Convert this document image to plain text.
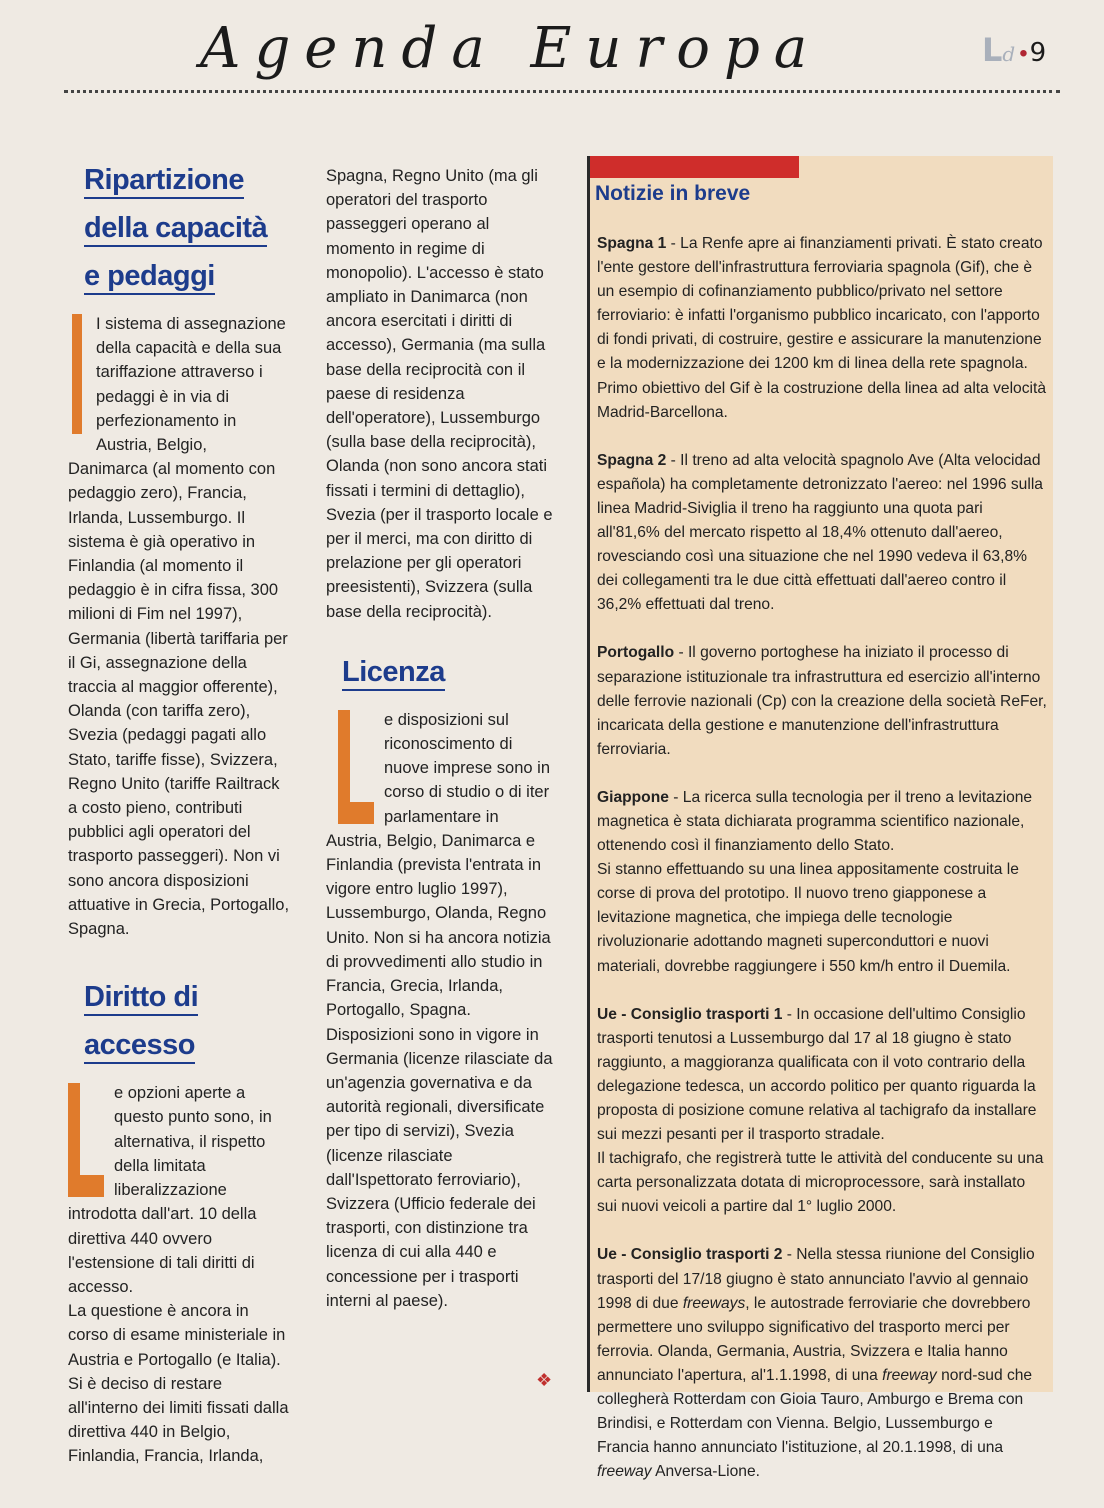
Agenda Europa	Ld •9
Ripartizione
della capacità
e pedaggi

I sistema di assegnazione della capacità e della sua tariffazione attraverso i pedaggi è in via di perfezionamento in Austria, Belgio, Danimarca (al momento con pedaggio zero), Francia, Irlanda, Lussemburgo. Il sistema è già operativo in Finlandia (al momento il pedaggio è in cifra fissa, 300 milioni di Fim nel 1997), Germania (libertà tariffaria per il Gi, assegnazione della traccia al maggior offerente), Olanda (con tariffa zero), Svezia (pedaggi pagati allo Stato, tariffe fisse), Svizzera, Regno Unito (tariffe Railtrack a costo pieno, contributi pubblici agli operatori del trasporto passeggeri). Non vi sono ancora disposizioni attuative in Grecia, Portogallo, Spagna.

Diritto di accesso

e opzioni aperte a questo punto sono, in alternativa, il rispetto della limitata liberalizzazione introdotta dall'art. 10 della direttiva 440 ovvero l'estensione di tali diritti di accesso.

La questione è ancora in corso di esame ministeriale in Austria e Portogallo (e Italia). Si è deciso di restare all'interno dei limiti fissati dalla direttiva 440 in Belgio, Finlandia, Francia, Irlanda,

Spagna, Regno Unito (ma gli operatori del trasporto passeggeri operano al momento in regime di monopolio). L'accesso è stato ampliato in Danimarca (non ancora esercitati i diritti di accesso), Germania (ma sulla base della reciprocità con il paese di residenza dell'operatore), Lussemburgo (sulla base della reciprocità), Olanda (non sono ancora stati fissati i termini di dettaglio), Svezia (per il trasporto locale e per il merci, ma con diritto di prelazione per gli operatori preesistenti), Svizzera (sulla base della reciprocità).

Licenza

e disposizioni sul riconoscimento di nuove imprese sono in corso di studio o di iter parlamentare in Austria, Belgio, Danimarca e Finlandia (prevista l'entrata in vigore entro luglio 1997), Lussemburgo, Olanda, Regno Unito. Non si ha ancora notizia di provvedimenti allo studio in Francia, Grecia, Irlanda, Portogallo, Spagna.

Disposizioni sono in vigore in Germania (licenze rilasciate da un'agenzia governativa e da autorità regionali, diversificate per tipo di servizi), Svezia (licenze rilasciate dall'Ispettorato ferroviario), Svizzera (Ufficio federale dei trasporti, con distinzione tra licenza di cui alla 440 e concessione per i trasporti interni al paese).

❖
Notizie in breve

Spagna 1 - La Renfe apre ai finanziamenti privati. È stato creato l'ente gestore dell'infrastruttura ferroviaria spagnola (Gif), che è un esempio di cofinanziamento pubblico/privato nel settore ferroviario: è infatti l'organismo pubblico incaricato, con l'apporto di fondi privati, di costruire, gestire e assicurare la manutenzione e la modernizzazione dei 1200 km di linea della rete spagnola. Primo obiettivo del Gif è la costruzione della linea ad alta velocità Madrid-Barcellona.

Spagna 2 - Il treno ad alta velocità spagnolo Ave (Alta velocidad española) ha completamente detronizzato l'aereo: nel 1996 sulla linea Madrid-Siviglia il treno ha raggiunto una quota pari all'81,6% del mercato rispetto al 18,4% ottenuto dall'aereo, rovesciando così una situazione che nel 1990 vedeva il 63,8% dei collegamenti tra le due città effettuati dall'aereo contro il 36,2% effettuati dal treno.

Portogallo - Il governo portoghese ha iniziato il processo di separazione istituzionale tra infrastruttura ed esercizio all'interno delle ferrovie nazionali (Cp) con la creazione della società ReFer, incaricata della gestione e manutenzione dell'infrastruttura ferroviaria.

Giappone - La ricerca sulla tecnologia per il treno a levitazione magnetica è stata dichiarata programma scientifico nazionale, ottenendo così il finanziamento dello Stato.
Si stanno effettuando su una linea appositamente costruita le corse di prova del prototipo. Il nuovo treno giapponese a levitazione magnetica, che impiega delle tecnologie rivoluzionarie adottando magneti superconduttori e nuovi materiali, dovrebbe raggiungere i 550 km/h entro il Duemila.

Ue - Consiglio trasporti 1 - In occasione dell'ultimo Consiglio trasporti tenutosi a Lussemburgo dal 17 al 18 giugno è stato raggiunto, a maggioranza qualificata con il voto contrario della delegazione tedesca, un accordo politico per quanto riguarda la proposta di posizione comune relativa al tachigrafo da installare sui mezzi pesanti per il trasporto stradale.
Il tachigrafo, che registrerà tutte le attività del conducente su una carta personalizzata dotata di microprocessore, sarà installato sui nuovi veicoli a partire dal 1° luglio 2000.

Ue - Consiglio trasporti 2 - Nella stessa riunione del Consiglio trasporti del 17/18 giugno è stato annunciato l'avvio al gennaio 1998 di due freeways, le autostrade ferroviarie che dovrebbero permettere uno sviluppo significativo del trasporto merci per ferrovia. Olanda, Germania, Austria, Svizzera e Italia hanno annunciato l'apertura, al'1.1.1998, di una freeway nord-sud che collegherà Rotterdam con Gioia Tauro, Amburgo e Brema con Brindisi, e Rotterdam con Vienna. Belgio, Lussemburgo e Francia hanno annunciato l'istituzione, al 20.1.1998, di una freeway Anversa-Lione.
